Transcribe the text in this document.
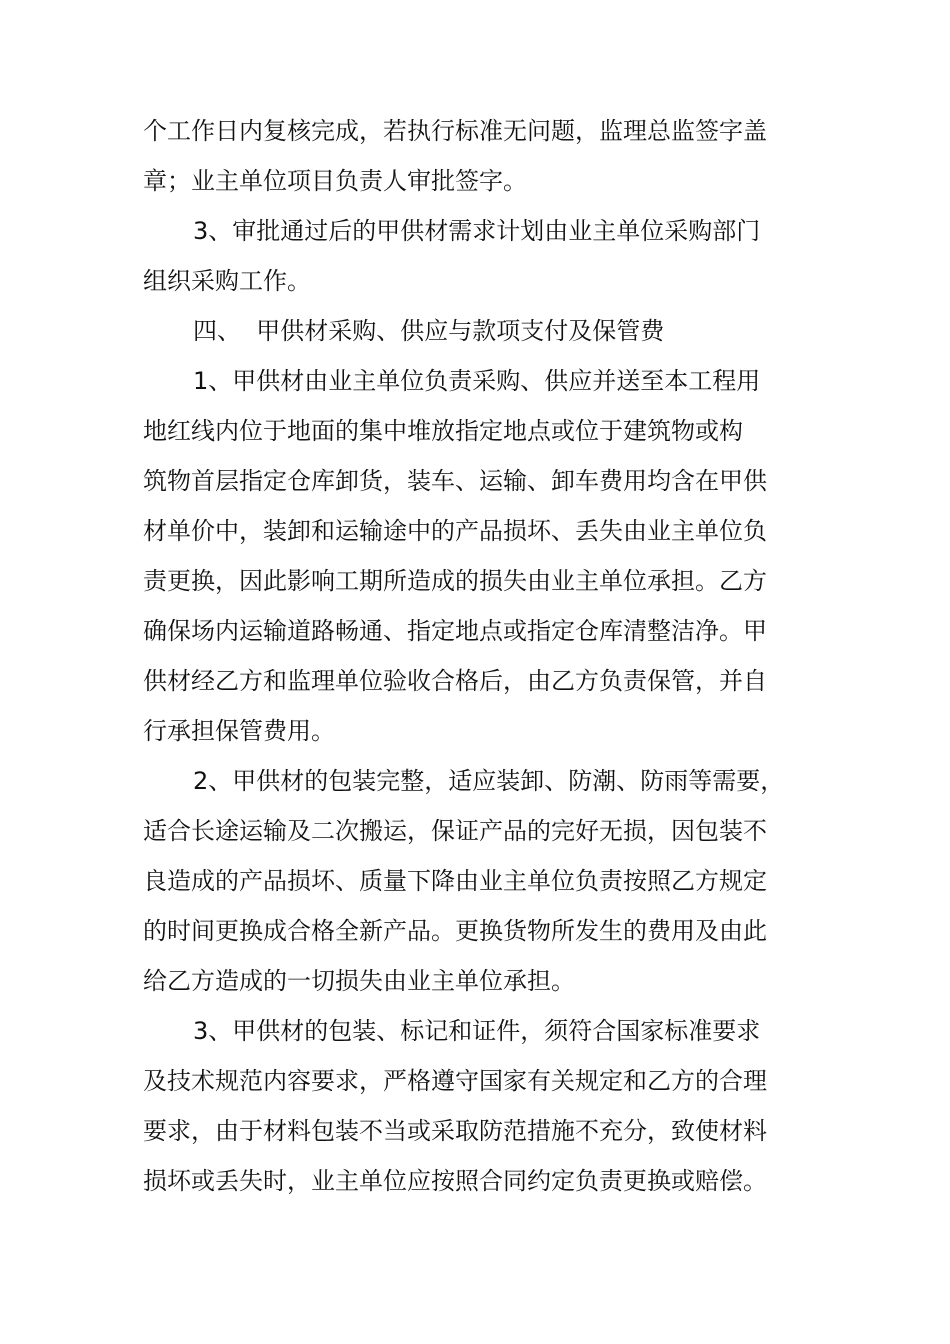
个工作日内复核完成，若执行标准无问题，监理总监签字盖
章；业主单位项目负责人审批签字。
3、审批通过后的甲供材需求计划由业主单位采购部门
组织采购工作。
四、  甲供材采购、供应与款项支付及保管费
1、甲供材由业主单位负责采购、供应并送至本工程用
地红线内位于地面的集中堆放指定地点或位于建筑物或构
筑物首层指定仓库卸货，装车、运输、卸车费用均含在甲供
材单价中，装卸和运输途中的产品损坏、丢失由业主单位负
责更换，因此影响工期所造成的损失由业主单位承担。乙方
确保场内运输道路畅通、指定地点或指定仓库清整洁净。甲
供材经乙方和监理单位验收合格后，由乙方负责保管，并自
行承担保管费用。
2、甲供材的包装完整，适应装卸、防潮、防雨等需要，
适合长途运输及二次搬运，保证产品的完好无损，因包装不
良造成的产品损坏、质量下降由业主单位负责按照乙方规定
的时间更换成合格全新产品。更换货物所发生的费用及由此
给乙方造成的一切损失由业主单位承担。
3、甲供材的包装、标记和证件，须符合国家标准要求
及技术规范内容要求，严格遵守国家有关规定和乙方的合理
要求，由于材料包装不当或采取防范措施不充分，致使材料
损坏或丢失时，业主单位应按照合同约定负责更换或赔偿。
